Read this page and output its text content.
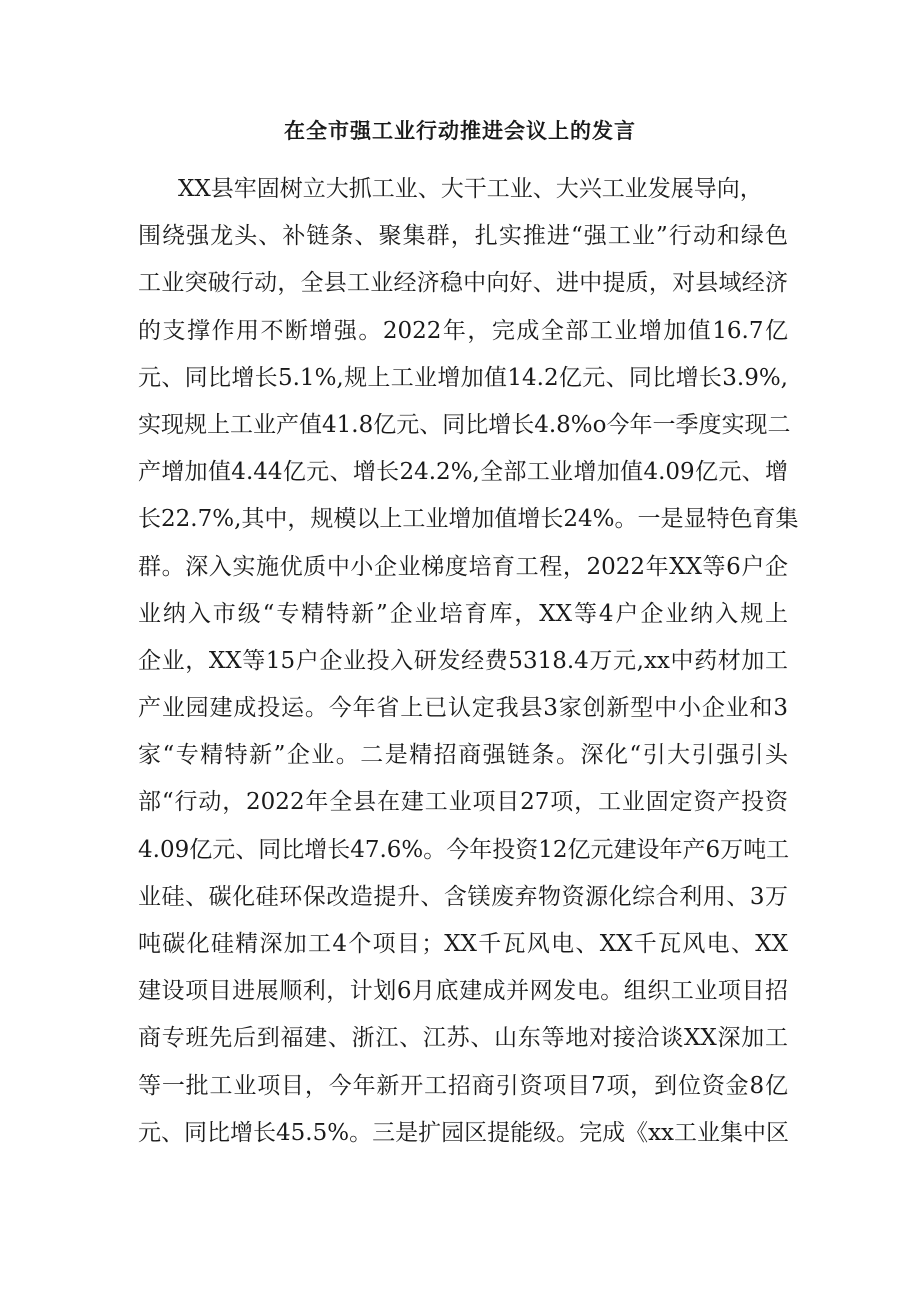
在全市强工业行动推进会议上的发言
XX县牢固树立大抓工业、大干工业、大兴工业发展导向，
围绕强龙头、补链条、聚集群，扎实推进“强工业”行动和绿色
工业突破行动，全县工业经济稳中向好、进中提质，对县域经济
的支撑作用不断增强。2022年，完成全部工业增加值16.7亿
元、同比增长5.1%,规上工业增加值14.2亿元、同比增长3.9%,
实现规上工业产值41.8亿元、同比增长4.8%o今年一季度实现二
产增加值4.44亿元、增长24.2%,全部工业增加值4.09亿元、增
长22.7%,其中，规模以上工业增加值增长24%。一是显特色育集
群。深入实施优质中小企业梯度培育工程，2022年XX等6户企
业纳入市级“专精特新”企业培育库，XX等4户企业纳入规上
企业，XX等15户企业投入研发经费5318.4万元,xx中药材加工
产业园建成投运。今年省上已认定我县3家创新型中小企业和3
家“专精特新”企业。二是精招商强链条。深化“引大引强引头
部“行动，2022年全县在建工业项目27项，工业固定资产投资
4.09亿元、同比增长47.6%。今年投资12亿元建设年产6万吨工
业硅、碳化硅环保改造提升、含镁废弃物资源化综合利用、3万
吨碳化硅精深加工4个项目；XX千瓦风电、XX千瓦风电、XX
建设项目进展顺利，计划6月底建成并网发电。组织工业项目招
商专班先后到福建、浙江、江苏、山东等地对接洽谈XX深加工
等一批工业项目，今年新开工招商引资项目7项，到位资金8亿
元、同比增长45.5%。三是扩园区提能级。完成《xx工业集中区
